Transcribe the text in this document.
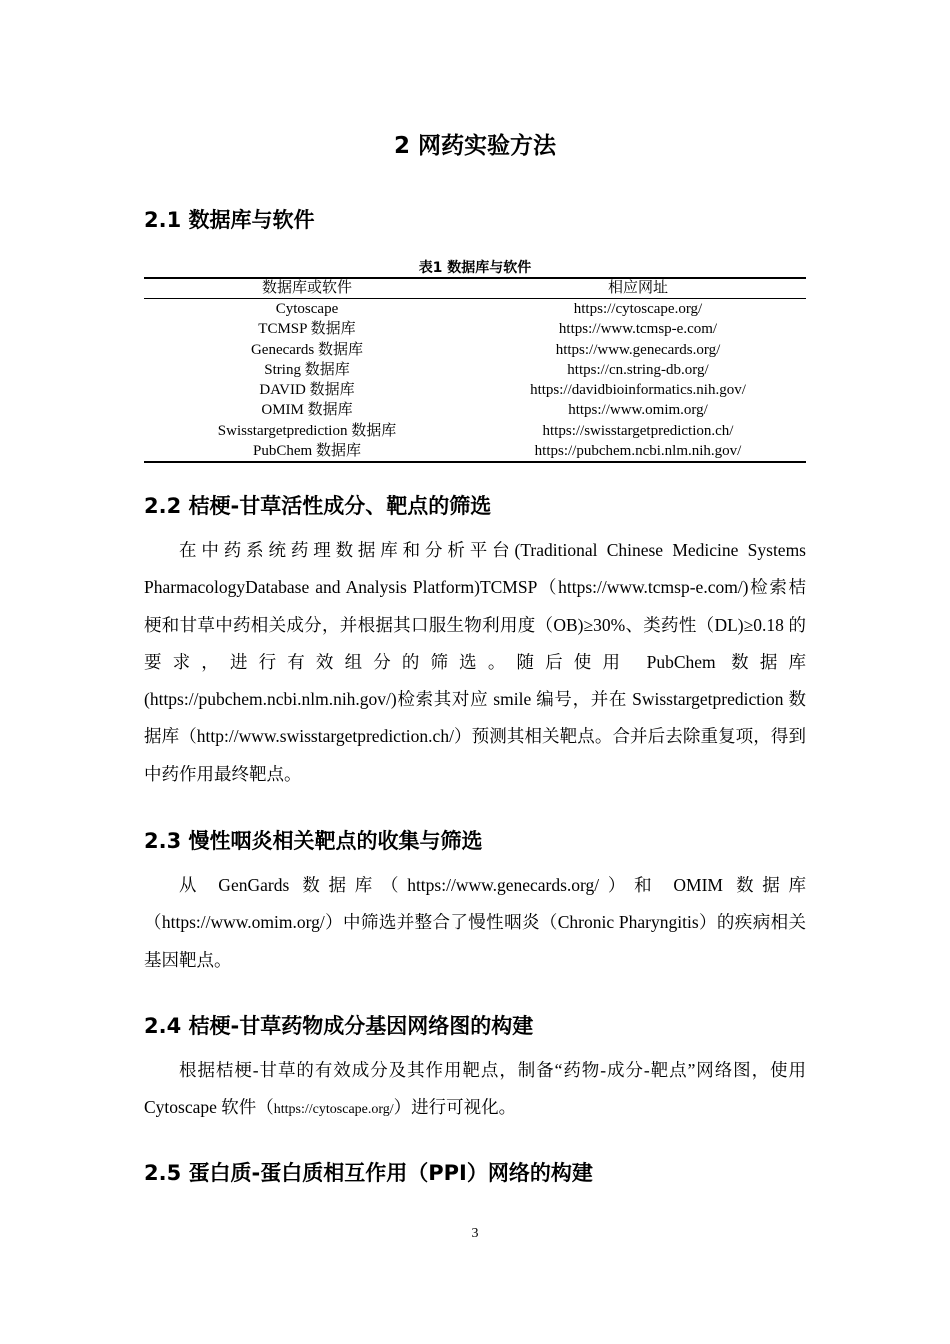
2 网药实验方法
2.1 数据库与软件
表1 数据库与软件
数据库或软件	相应网址
Cytoscape	https://cytoscape.org/
TCMSP 数据库	https://www.tcmsp-e.com/
Genecards 数据库	https://www.genecards.org/
String 数据库	https://cn.string-db.org/
DAVID 数据库	https://davidbioinformatics.nih.gov/
OMIM 数据库	https://www.omim.org/
Swisstargetprediction 数据库	https://swisstargetprediction.ch/
PubChem 数据库	https://pubchem.ncbi.nlm.nih.gov/
2.2 桔梗-甘草活性成分、靶点的筛选

在中药系统药理数据库和分析平台(Traditional Chinese Medicine Systems PharmacologyDatabase and Analysis Platform)TCMSP（https://www.tcmsp-e.com/)检索桔梗和甘草中药相关成分，并根据其口服生物利用度（OB)≥30%、类药性（DL)≥0.18 的要求，进行有效组分的筛选。随后使用 PubChem 数据库(https://pubchem.ncbi.nlm.nih.gov/)检索其对应 smile 编号，并在 Swisstargetprediction 数据库（http://www.swisstargetprediction.ch/）预测其相关靶点。合并后去除重复项，得到中药作用最终靶点。

2.3 慢性咽炎相关靶点的收集与筛选

从 GenGards 数据库（https://www.genecards.org/）和 OMIM 数据库（https://www.omim.org/）中筛选并整合了慢性咽炎（Chronic Pharyngitis）的疾病相关基因靶点。

2.4 桔梗-甘草药物成分基因网络图的构建

根据桔梗-甘草的有效成分及其作用靶点，制备“药物-成分-靶点”网络图，使用 Cytoscape 软件（https://cytoscape.org/）进行可视化。

2.5 蛋白质-蛋白质相互作用（PPI）网络的构建
3
